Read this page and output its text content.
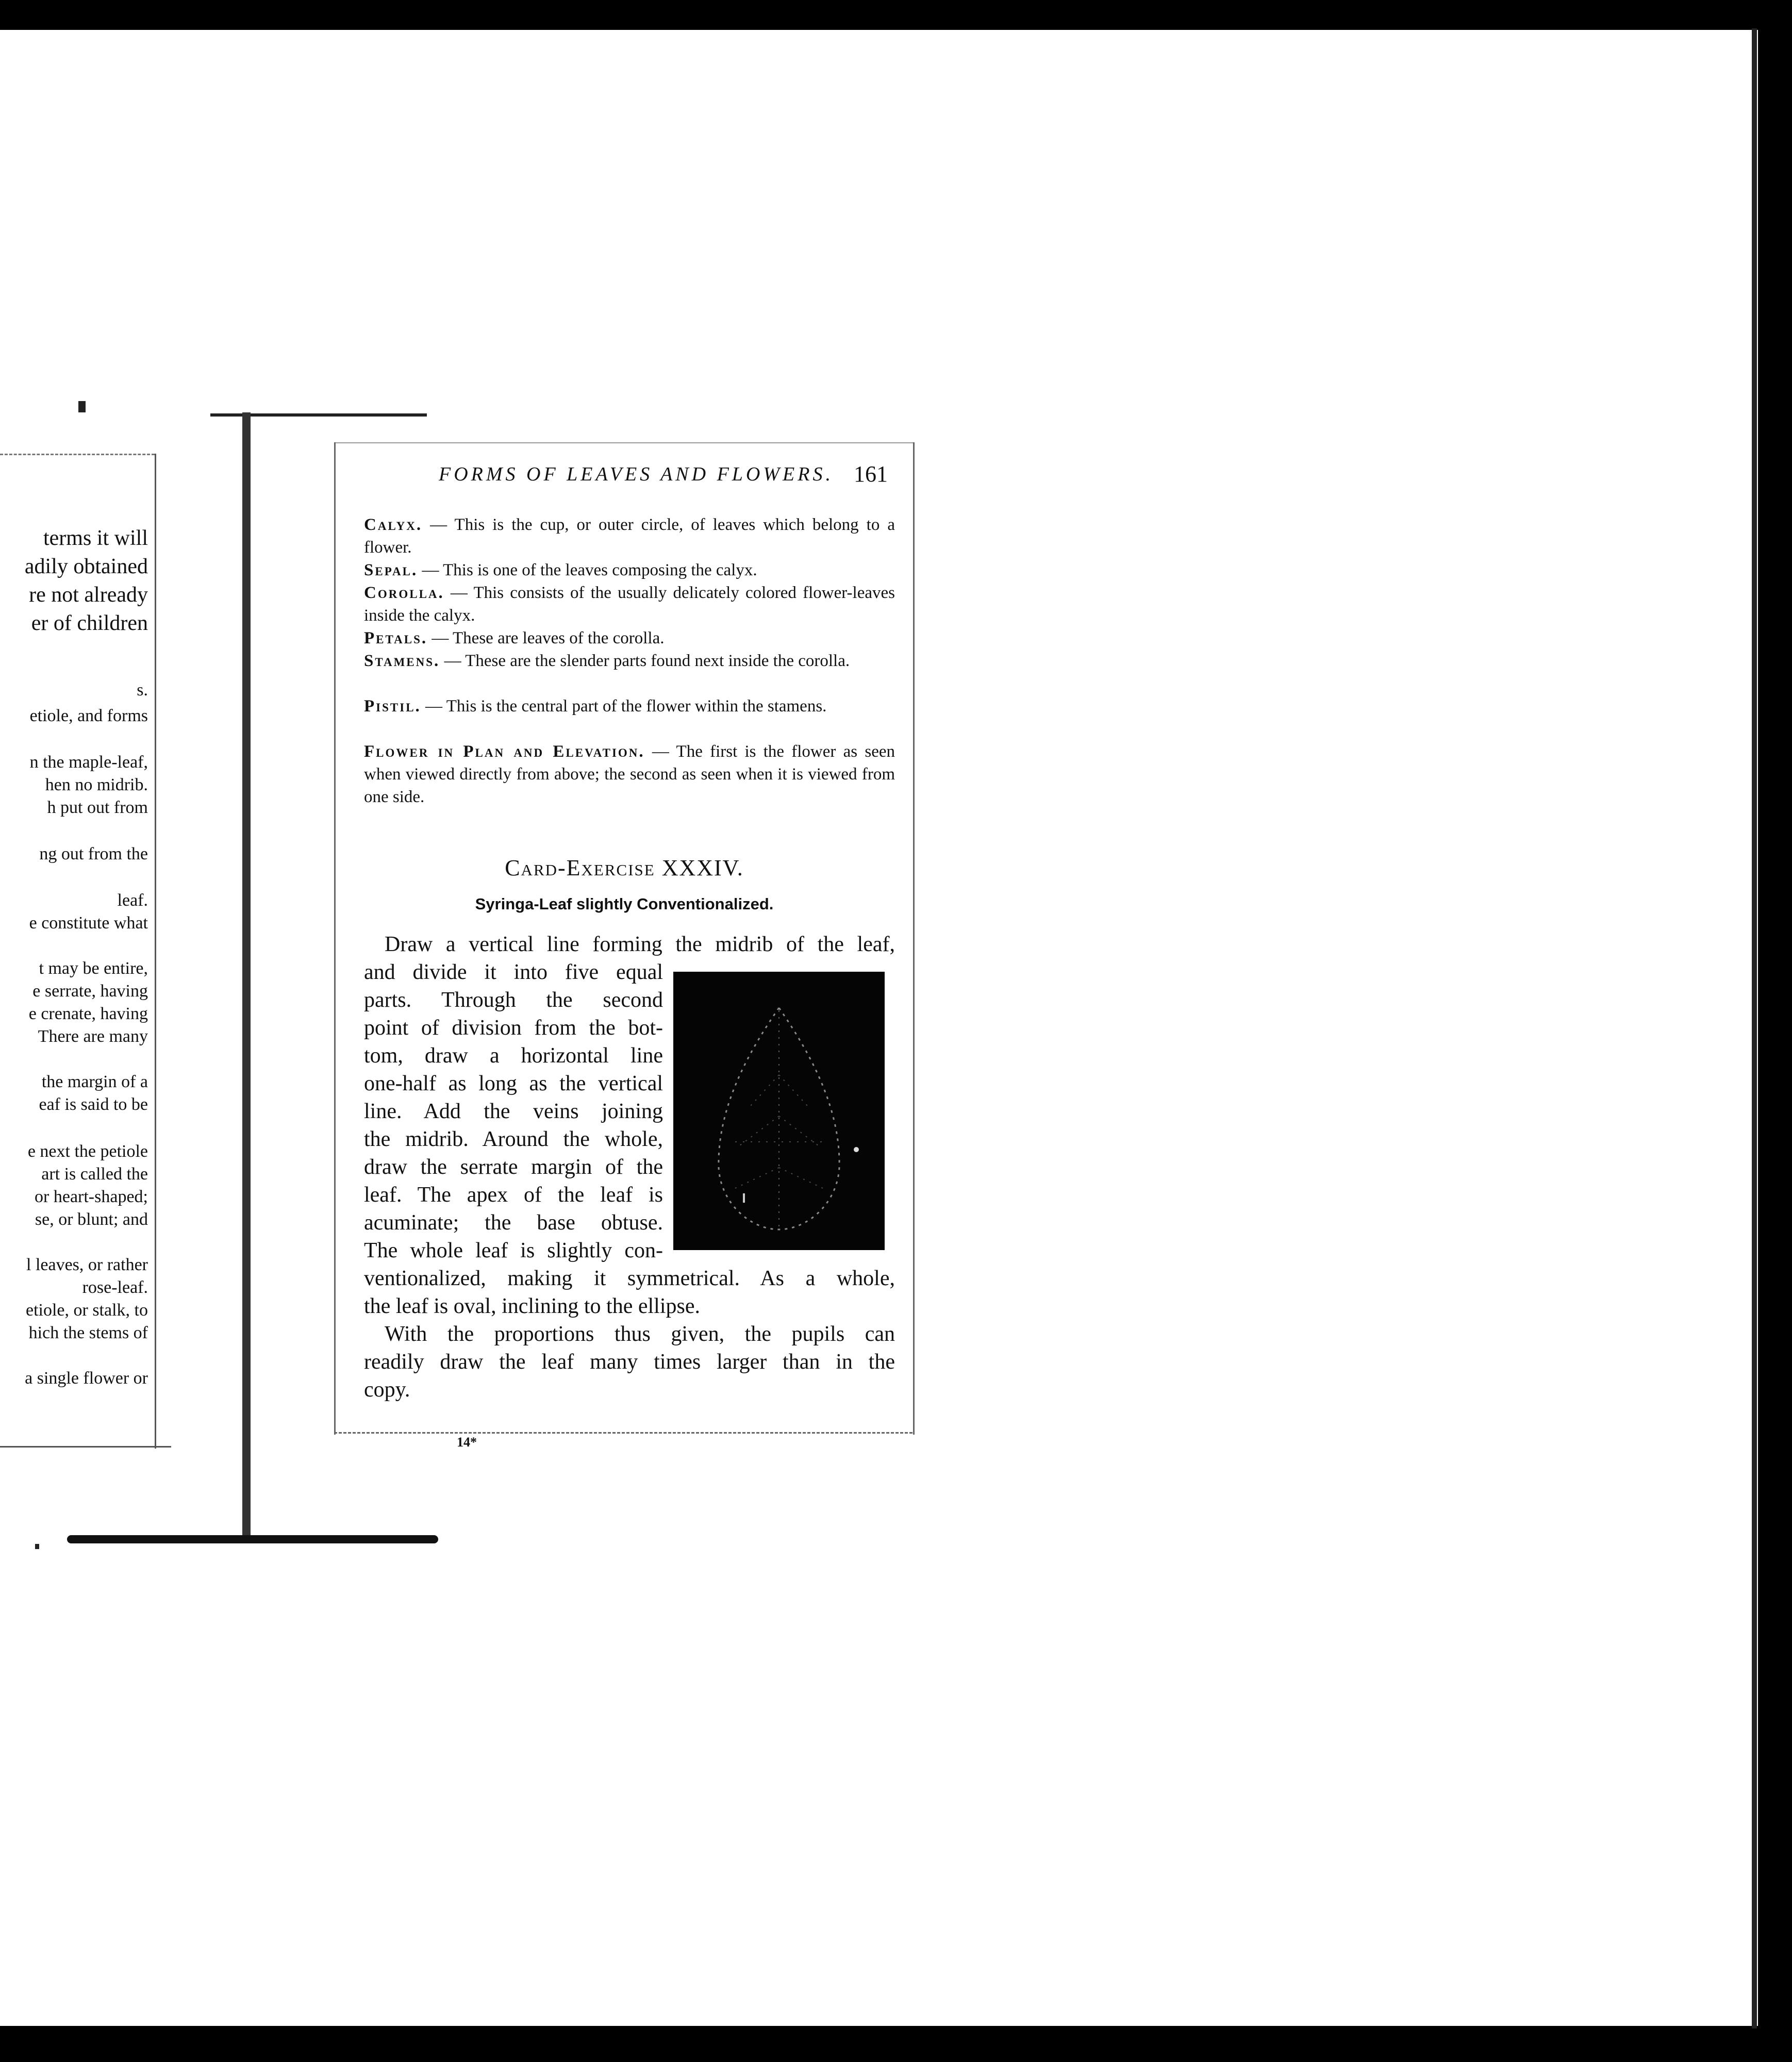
terms it will
adily obtained
re not already
er of children
s.
etiole, and forms
n the maple-leaf,
hen no midrib.
h put out from
ng out from the
leaf.
e constitute what
t may be entire,
e serrate, having
e crenate, having
There are many
the margin of a
eaf is said to be
e next the petiole
art is called the
or heart-shaped;
se, or blunt; and
l leaves, or rather
rose-leaf.
etiole, or stalk, to
hich the stems of
a single flower or
FORMS OF LEAVES AND FLOWERS. 161
Calyx. — This is the cup, or outer circle, of leaves which belong to a flower.
Sepal. — This is one of the leaves composing the calyx.
Corolla. — This consists of the usually delicately colored flower-leaves inside the calyx.
Petals. — These are leaves of the corolla.
Stamens. — These are the slender parts found next inside the corolla.
Pistil. — This is the central part of the flower within the stamens.
Flower in Plan and Elevation. — The first is the flower as seen when viewed directly from above; the second as seen when it is viewed from one side.
Card-Exercise XXXIV.
Syringa-Leaf slightly Conventionalized.
Draw a vertical line forming the midrib of the leaf,
and divide it into five equal
parts. Through the second
point of division from the bot-
tom, draw a horizontal line
one-half as long as the vertical
line. Add the veins joining
the midrib. Around the whole,
draw the serrate margin of the
leaf. The apex of the leaf is
acuminate; the base obtuse.
The whole leaf is slightly con-
ventionalized, making it symmetrical. As a whole,
the leaf is oval, inclining to the ellipse.
With the proportions thus given, the pupils can
readily draw the leaf many times larger than in the
copy.
14*
